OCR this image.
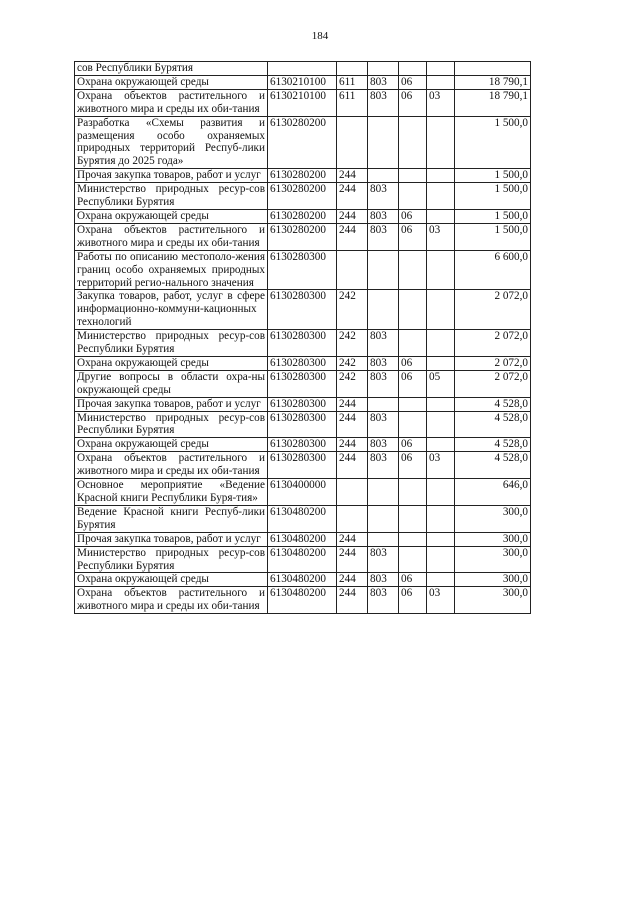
184
сов Республики Бурятия						
Охрана окружающей среды	6130210100	611	803	06		18 790,1
Охрана объектов растительного и животного мира и среды их оби-тания	6130210100	611	803	06	03	18 790,1
Разработка «Схемы развития и размещения особо охраняемых природных территорий Респуб-лики Бурятия до 2025 года»	6130280200					1 500,0
Прочая закупка товаров, работ и услуг	6130280200	244				1 500,0
Министерство природных ресур-сов Республики Бурятия	6130280200	244	803			1 500,0
Охрана окружающей среды	6130280200	244	803	06		1 500,0
Охрана объектов растительного и животного мира и среды их оби-тания	6130280200	244	803	06	03	1 500,0
Работы по описанию местополо-жения границ особо охраняемых природных территорий регио-нального значения	6130280300					6 600,0
Закупка товаров, работ, услуг в сфере информационно-коммуни-кационных технологий	6130280300	242				2 072,0
Министерство природных ресур-сов Республики Бурятия	6130280300	242	803			2 072,0
Охрана окружающей среды	6130280300	242	803	06		2 072,0
Другие вопросы в области охра-ны окружающей среды	6130280300	242	803	06	05	2 072,0
Прочая закупка товаров, работ и услуг	6130280300	244				4 528,0
Министерство природных ресур-сов Республики Бурятия	6130280300	244	803			4 528,0
Охрана окружающей среды	6130280300	244	803	06		4 528,0
Охрана объектов растительного и животного мира и среды их оби-тания	6130280300	244	803	06	03	4 528,0
Основное мероприятие «Ведение Красной книги Республики Буря-тия»	6130400000					646,0
Ведение Красной книги Респуб-лики Бурятия	6130480200					300,0
Прочая закупка товаров, работ и услуг	6130480200	244				300,0
Министерство природных ресур-сов Республики Бурятия	6130480200	244	803			300,0
Охрана окружающей среды	6130480200	244	803	06		300,0
Охрана объектов растительного и животного мира и среды их оби-тания	6130480200	244	803	06	03	300,0
